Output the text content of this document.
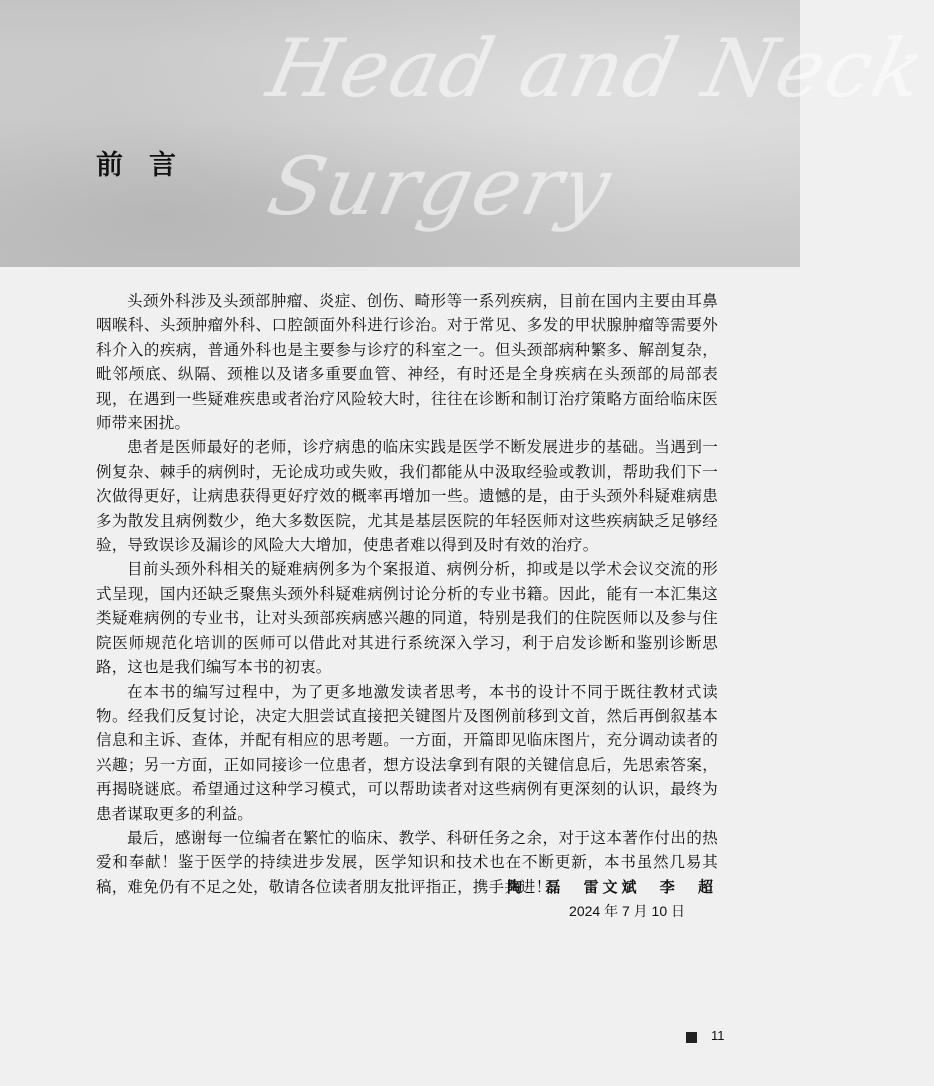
Head and Neck
Surgery
前言

头颈外科涉及头颈部肿瘤、炎症、创伤、畸形等一系列疾病，目前在国内主要由耳鼻咽喉科、头颈肿瘤外科、口腔颌面外科进行诊治。对于常见、多发的甲状腺肿瘤等需要外科介入的疾病，普通外科也是主要参与诊疗的科室之一。但头颈部病种繁多、解剖复杂，毗邻颅底、纵隔、颈椎以及诸多重要血管、神经，有时还是全身疾病在头颈部的局部表现，在遇到一些疑难疾患或者治疗风险较大时，往往在诊断和制订治疗策略方面给临床医师带来困扰。

患者是医师最好的老师，诊疗病患的临床实践是医学不断发展进步的基础。当遇到一例复杂、棘手的病例时，无论成功或失败，我们都能从中汲取经验或教训，帮助我们下一次做得更好，让病患获得更好疗效的概率再增加一些。遗憾的是，由于头颈外科疑难病患多为散发且病例数少，绝大多数医院，尤其是基层医院的年轻医师对这些疾病缺乏足够经验，导致误诊及漏诊的风险大大增加，使患者难以得到及时有效的治疗。

目前头颈外科相关的疑难病例多为个案报道、病例分析，抑或是以学术会议交流的形式呈现，国内还缺乏聚焦头颈外科疑难病例讨论分析的专业书籍。因此，能有一本汇集这类疑难病例的专业书，让对头颈部疾病感兴趣的同道，特别是我们的住院医师以及参与住院医师规范化培训的医师可以借此对其进行系统深入学习，利于启发诊断和鉴别诊断思路，这也是我们编写本书的初衷。

在本书的编写过程中，为了更多地激发读者思考，本书的设计不同于既往教材式读物。经我们反复讨论，决定大胆尝试直接把关键图片及图例前移到文首，然后再倒叙基本信息和主诉、查体，并配有相应的思考题。一方面，开篇即见临床图片，充分调动读者的兴趣；另一方面，正如同接诊一位患者，想方设法拿到有限的关键信息后，先思索答案，再揭晓谜底。希望通过这种学习模式，可以帮助读者对这些病例有更深刻的认识，最终为患者谋取更多的利益。

最后，感谢每一位编者在繁忙的临床、教学、科研任务之余，对于这本著作付出的热爱和奉献！鉴于医学的持续进步发展，医学知识和技术也在不断更新，本书虽然几易其稿，难免仍有不足之处，敬请各位读者朋友批评指正，携手共进！

陶 磊 雷文斌 李 超

2024 年 7 月 10 日

11
